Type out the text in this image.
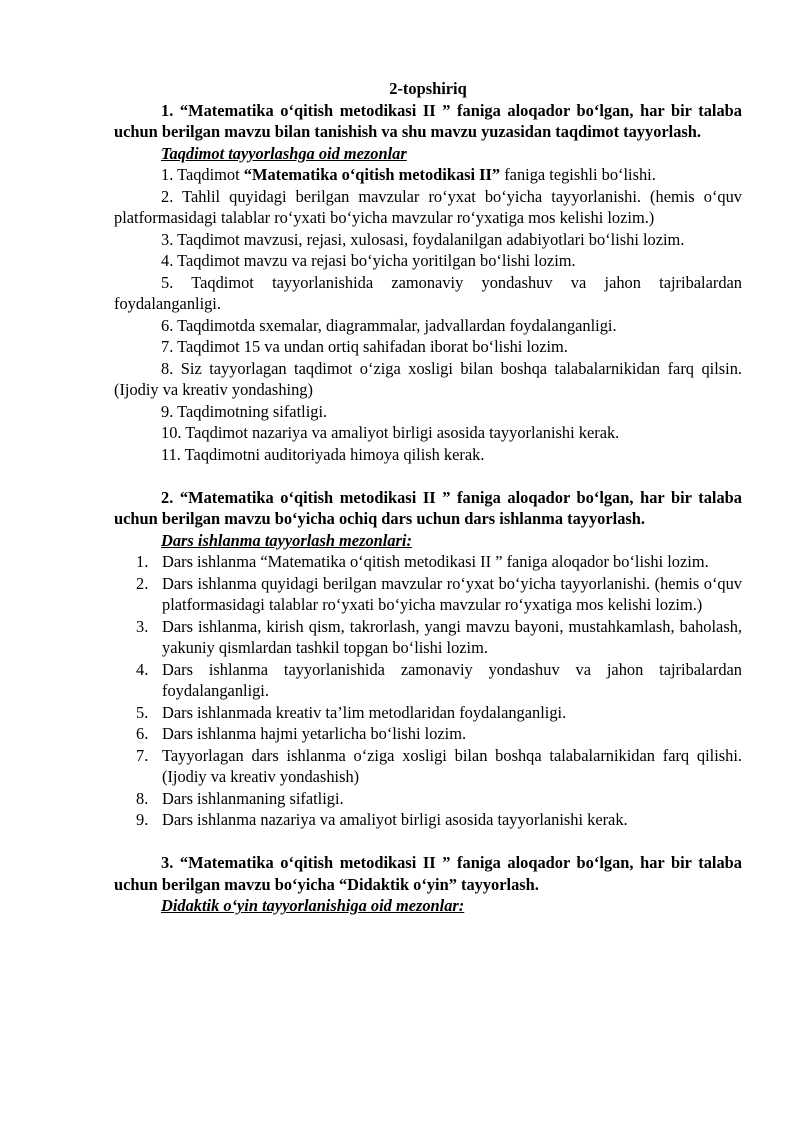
2-topshiriq
1. “Matematika o‘qitish metodikasi II ” faniga aloqador bo‘lgan, har bir talaba uchun berilgan mavzu bilan tanishish va shu mavzu yuzasidan taqdimot tayyorlash.
Taqdimot tayyorlashga oid mezonlar
1. Taqdimot “Matematika o‘qitish metodikasi II” faniga tegishli bo‘lishi.
2. Tahlil quyidagi berilgan mavzular ro‘yxat bo‘yicha tayyorlanishi. (hemis o‘quv platformasidagi talablar ro‘yxati bo‘yicha mavzular ro‘yxatiga mos kelishi lozim.)
3. Taqdimot mavzusi, rejasi, xulosasi, foydalanilgan adabiyotlari bo‘lishi lozim.
4. Taqdimot mavzu va rejasi bo‘yicha yoritilgan bo‘lishi lozim.
5. Taqdimot tayyorlanishida zamonaviy yondashuv va jahon tajribalardan foydalanganligi.
6. Taqdimotda sxemalar, diagrammalar, jadvallardan foydalanganligi.
7. Taqdimot 15 va undan ortiq sahifadan iborat bo‘lishi lozim.
8. Siz tayyorlagan taqdimot o‘ziga xosligi bilan boshqa talabalarnikidan farq qilsin. (Ijodiy va kreativ yondashing)
9. Taqdimotning sifatligi.
10. Taqdimot nazariya va amaliyot birligi asosida tayyorlanishi kerak.
11. Taqdimotni auditoriyada himoya qilish kerak.
2. “Matematika o‘qitish metodikasi II ” faniga aloqador bo‘lgan, har bir talaba uchun berilgan mavzu bo‘yicha ochiq dars uchun dars ishlanma tayyorlash.
Dars ishlanma tayyorlash mezonlari:
1. Dars ishlanma “Matematika o‘qitish metodikasi II ” faniga aloqador bo‘lishi lozim.
2. Dars ishlanma quyidagi berilgan mavzular ro‘yxat bo‘yicha tayyorlanishi. (hemis o‘quv platformasidagi talablar ro‘yxati bo‘yicha mavzular ro‘yxatiga mos kelishi lozim.)
3. Dars ishlanma, kirish qism, takrorlash, yangi mavzu bayoni, mustahkamlash, baholash, yakuniy qismlardan tashkil topgan bo‘lishi lozim.
4. Dars ishlanma tayyorlanishida zamonaviy yondashuv va jahon tajribalardan foydalanganligi.
5. Dars ishlanmada kreativ ta’lim metodlaridan foydalanganligi.
6. Dars ishlanma hajmi yetarlicha bo‘lishi lozim.
7. Tayyorlagan dars ishlanma o‘ziga xosligi bilan boshqa talabalarnikidan farq qilishi. (Ijodiy va kreativ yondashish)
8. Dars ishlanmaning sifatligi.
9. Dars ishlanma nazariya va amaliyot birligi asosida tayyorlanishi kerak.
3. “Matematika o‘qitish metodikasi II ” faniga aloqador bo‘lgan, har bir talaba uchun berilgan mavzu bo‘yicha “Didaktik o‘yin” tayyorlash.
Didaktik o‘yin tayyorlanishiga oid mezonlar:
